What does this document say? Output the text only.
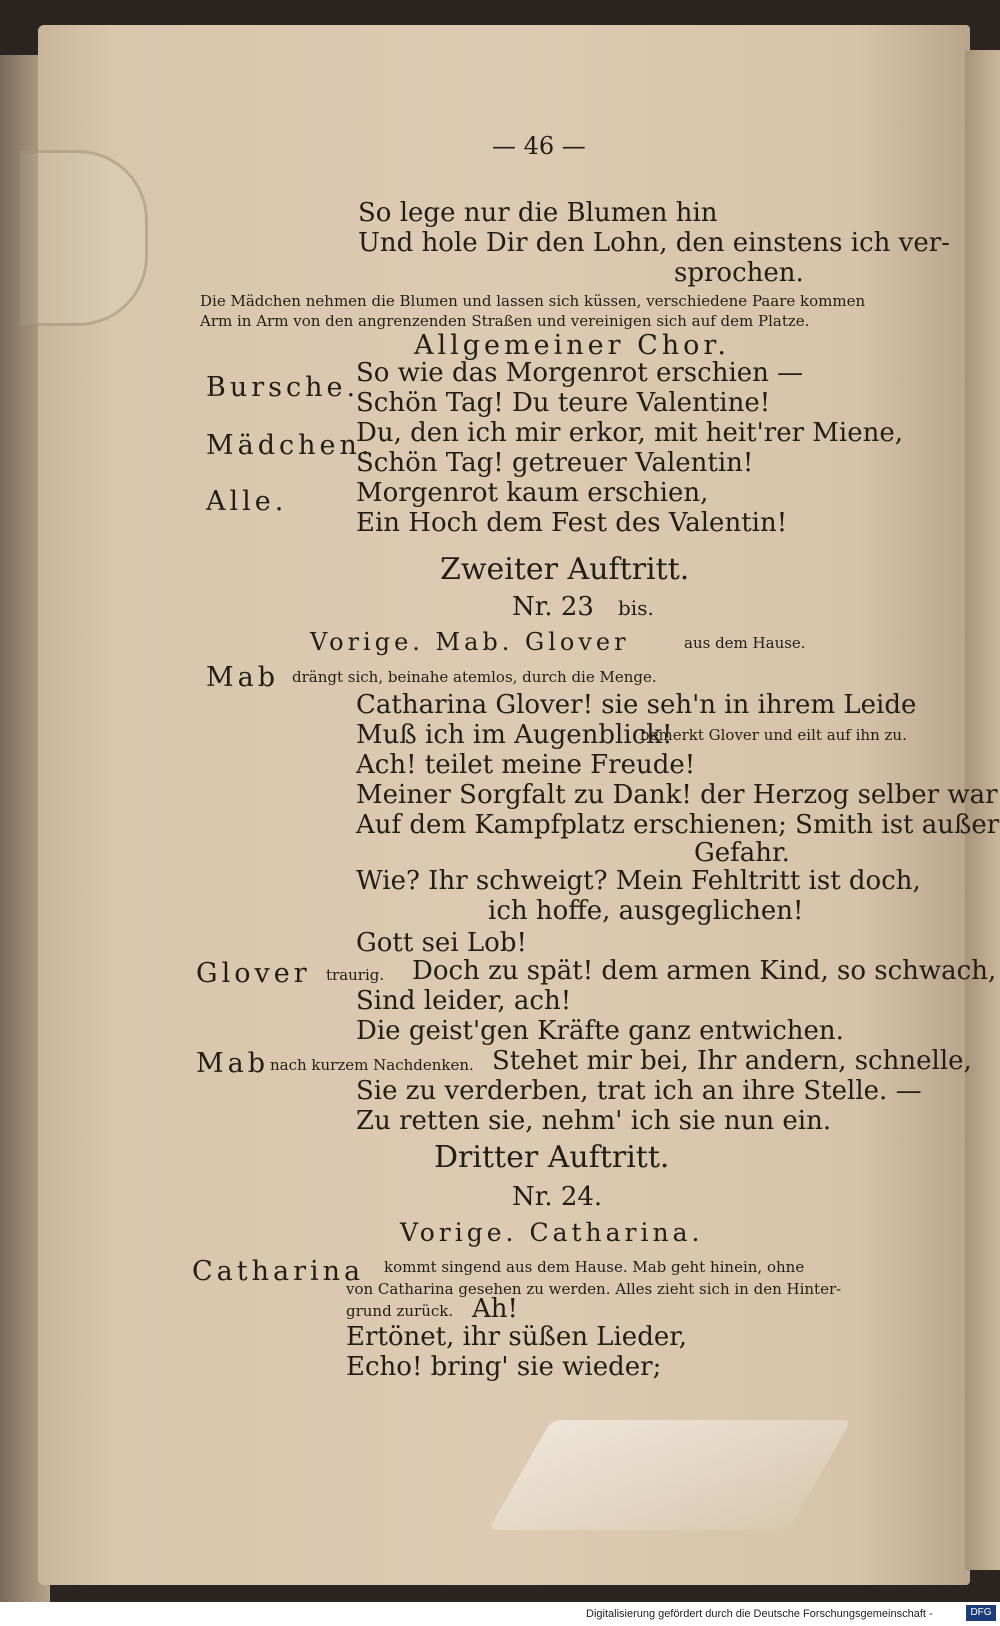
— 46 —
So lege nur die Blumen hin
Und hole Dir den Lohn, den einstens ich ver-
sprochen.
Die Mädchen nehmen die Blumen und lassen sich küssen, verschiedene Paare kommen
Arm in Arm von den angrenzenden Straßen und vereinigen sich auf dem Platze.
Allgemeiner Chor.
Bursche.
So wie das Morgenrot erschien —
Schön Tag! Du teure Valentine!
Mädchen.
Du, den ich mir erkor, mit heit'rer Miene,
Schön Tag! getreuer Valentin!
Alle.	Morgenrot kaum erschien,
Ein Hoch dem Fest des Valentin!
Zweiter Auftritt.
Nr. 23 bis.
Vorige. Mab. Glover	aus dem Hause.
Mab drängt sich, beinahe atemlos, durch die Menge.
Catharina Glover! sie seh'n in ihrem Leide
Muß ich im Augenblick!
bemerkt Glover und eilt auf ihn zu.
Ach! teilet meine Freude!
Meiner Sorgfalt zu Dank! der Herzog selber war
Auf dem Kampfplatz erschienen; Smith ist außer
Gefahr.
Wie? Ihr schweigt? Mein Fehltritt ist doch,
ich hoffe, ausgeglichen!
Gott sei Lob!
Glover traurig. Doch zu spät! dem armen Kind, so schwach,
Sind leider, ach!
Die geist'gen Kräfte ganz entwichen.
Mab nach kurzem Nachdenken. Stehet mir bei, Ihr andern, schnelle,
Sie zu verderben, trat ich an ihre Stelle. —
Zu retten sie, nehm' ich sie nun ein.
Dritter Auftritt.
Nr. 24.
Vorige. Catharina.
Catharina kommt singend aus dem Hause. Mab geht hinein, ohne
von Catharina gesehen zu werden. Alles zieht sich in den Hinter-
grund zurück. Ah!
Ertönet, ihr süßen Lieder,
Echo! bring' sie wieder;
Digitalisierung gefördert durch die Deutsche Forschungsgemeinschaft -	DFG
